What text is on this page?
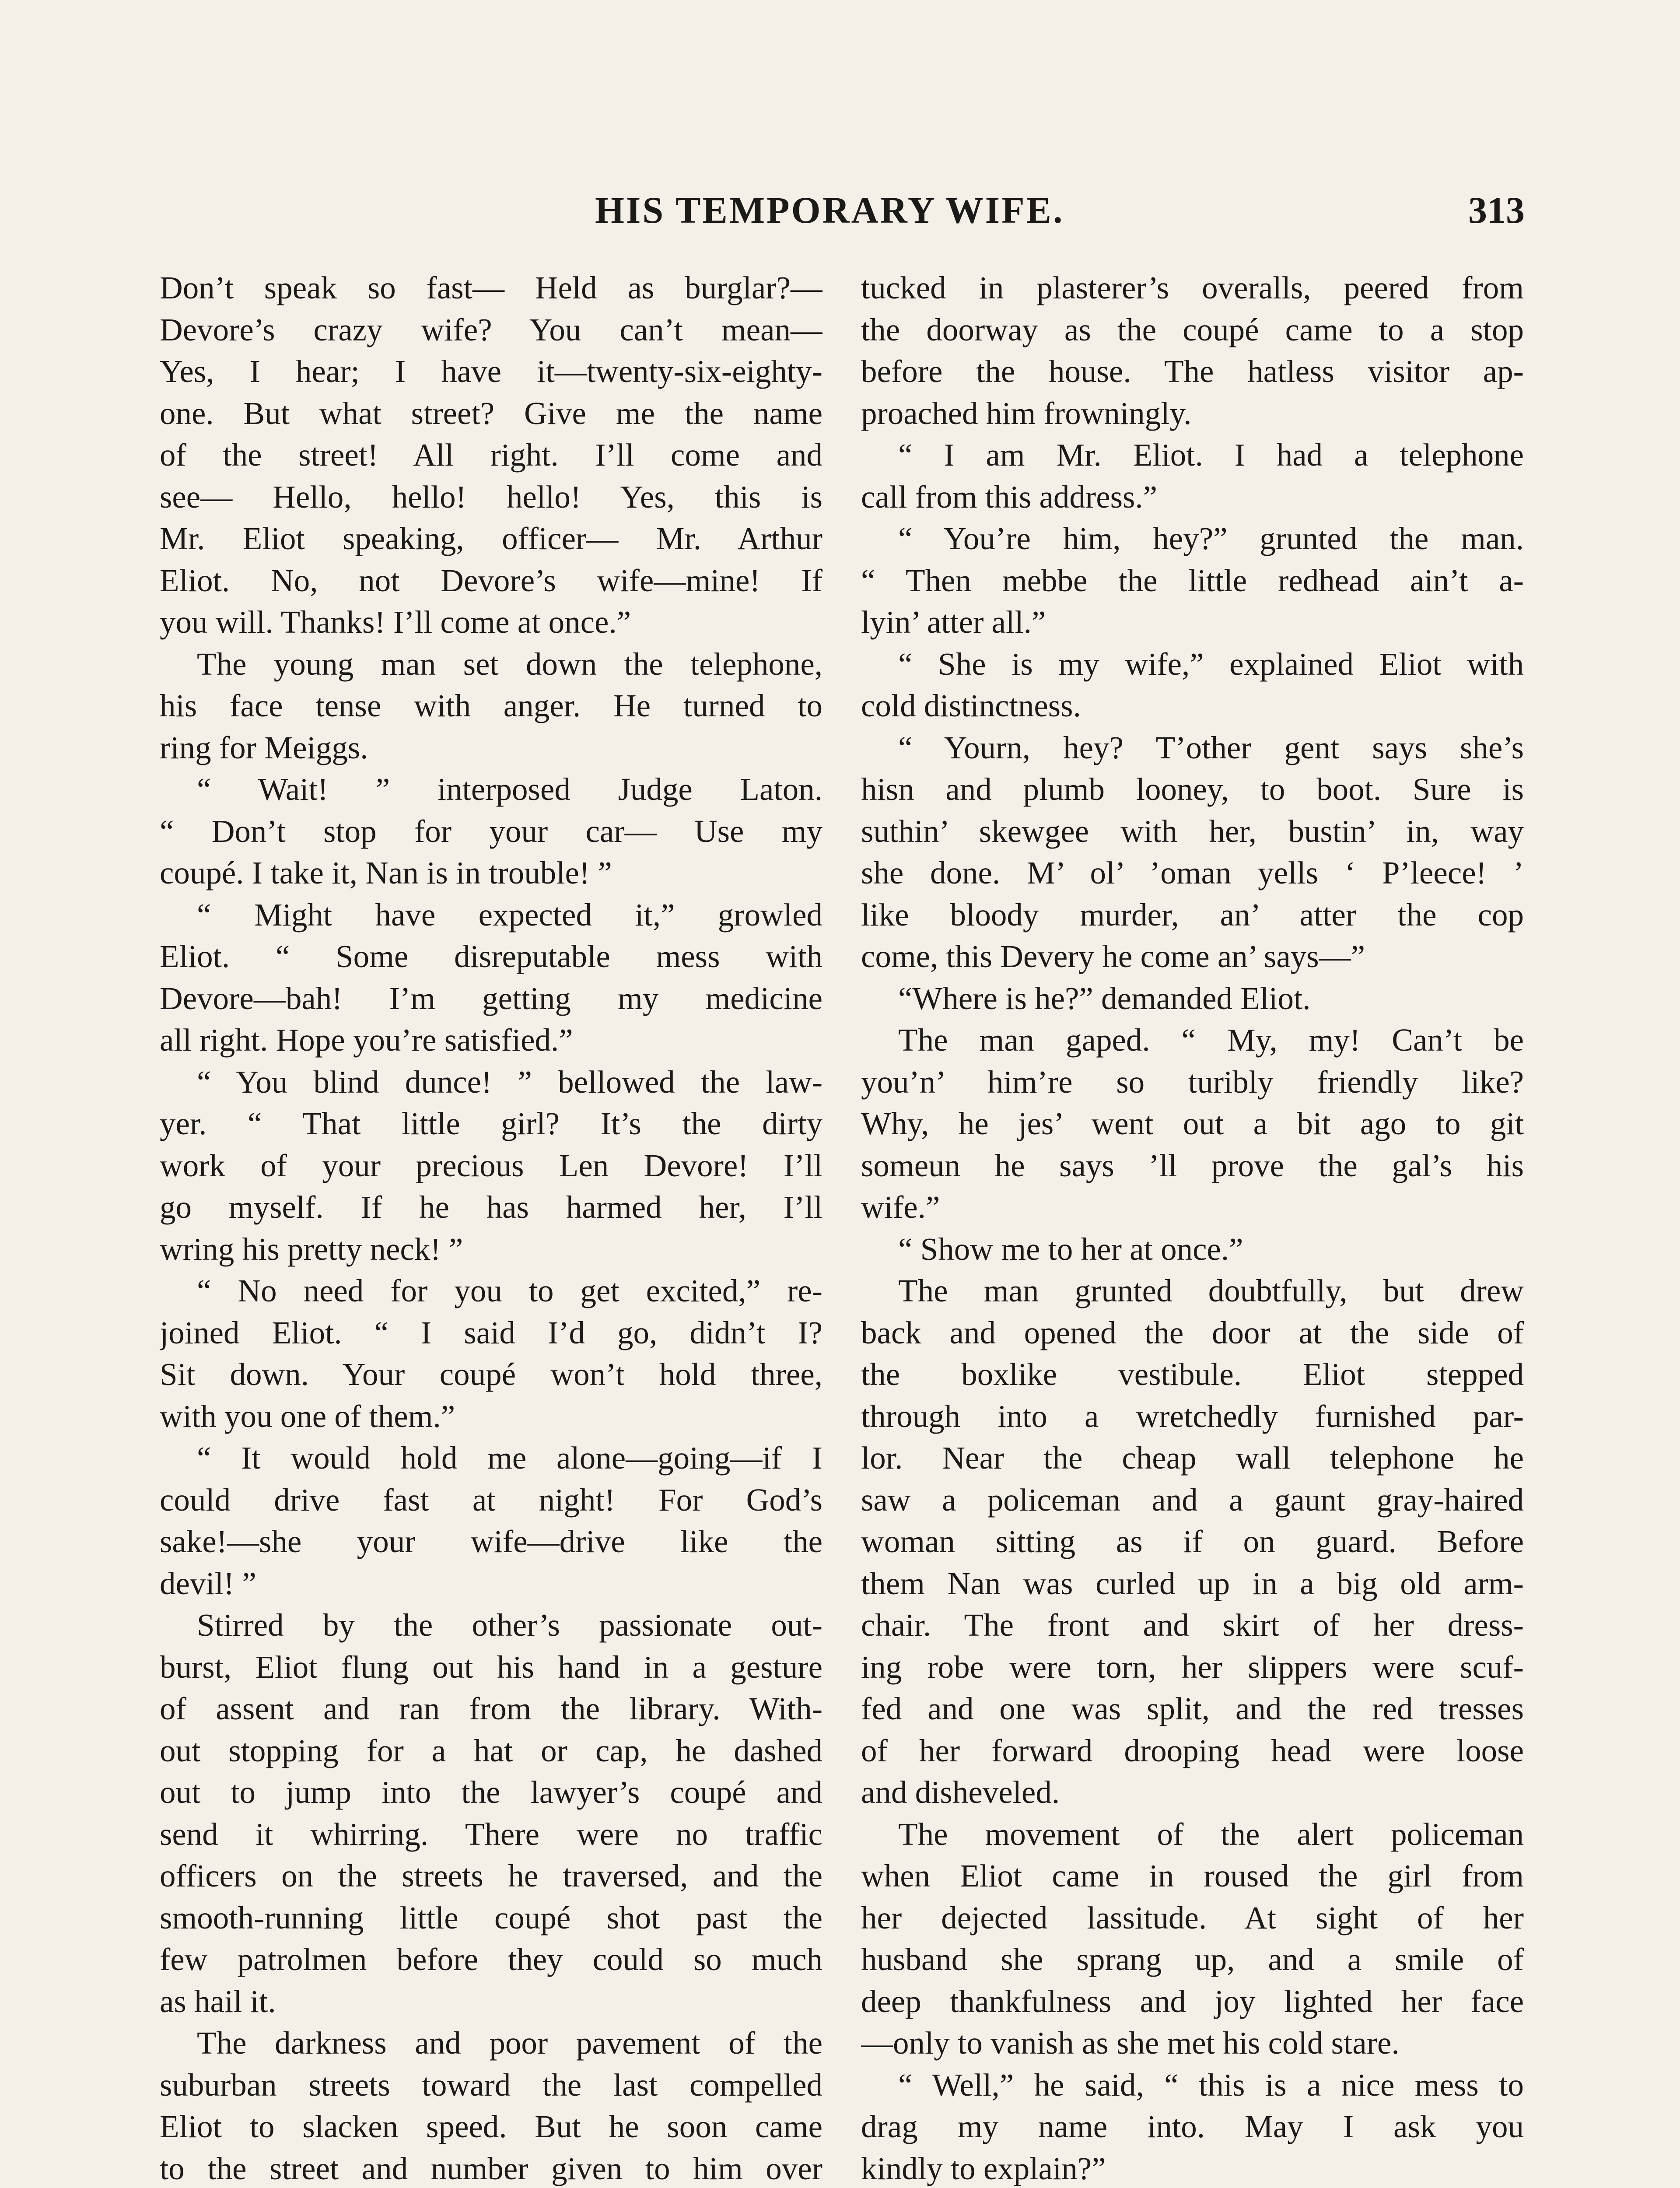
HIS TEMPORARY WIFE.	313
Don’t speak so fast— Held as burglar?—
Devore’s crazy wife? You can’t mean—
Yes, I hear; I have it—twenty-six-eighty-
one. But what street? Give me the name
of the street! All right. I’ll come and
see— Hello, hello! hello! Yes, this is
Mr. Eliot speaking, officer— Mr. Arthur
Eliot. No, not Devore’s wife—mine! If
you will. Thanks! I’ll come at once.”
The young man set down the telephone,
his face tense with anger. He turned to
ring for Meiggs.
“ Wait! ” interposed Judge Laton.
“ Don’t stop for your car— Use my
coupé. I take it, Nan is in trouble! ”
“ Might have expected it,” growled
Eliot. “ Some disreputable mess with
Devore—bah! I’m getting my medicine
all right. Hope you’re satisfied.”
“ You blind dunce! ” bellowed the law-
yer. “ That little girl? It’s the dirty
work of your precious Len Devore! I’ll
go myself. If he has harmed her, I’ll
wring his pretty neck! ”
“ No need for you to get excited,” re-
joined Eliot. “ I said I’d go, didn’t I?
Sit down. Your coupé won’t hold three,
with you one of them.”
“ It would hold me alone—going—if I
could drive fast at night! For God’s
sake!—she your wife—drive like the
devil! ”
Stirred by the other’s passionate out-
burst, Eliot flung out his hand in a gesture
of assent and ran from the library. With-
out stopping for a hat or cap, he dashed
out to jump into the lawyer’s coupé and
send it whirring. There were no traffic
officers on the streets he traversed, and the
smooth-running little coupé shot past the
few patrolmen before they could so much
as hail it.
The darkness and poor pavement of the
suburban streets toward the last compelled
Eliot to slacken speed. But he soon came
to the street and number given to him over
tucked in plasterer’s overalls, peered from
the doorway as the coupé came to a stop
before the house. The hatless visitor ap-
proached him frowningly.
“ I am Mr. Eliot. I had a telephone
call from this address.”
“ You’re him, hey?” grunted the man.
“ Then mebbe the little redhead ain’t a-
lyin’ atter all.”
“ She is my wife,” explained Eliot with
cold distinctness.
“ Yourn, hey? T’other gent says she’s
hisn and plumb looney, to boot. Sure is
suthin’ skewgee with her, bustin’ in, way
she done. M’ ol’ ’oman yells ‘ P’leece! ’
like bloody murder, an’ atter the cop
come, this Devery he come an’ says—”
“Where is he?” demanded Eliot.
The man gaped. “ My, my! Can’t be
you’n’ him’re so turibly friendly like?
Why, he jes’ went out a bit ago to git
someun he says ’ll prove the gal’s his
wife.”
“ Show me to her at once.”
The man grunted doubtfully, but drew
back and opened the door at the side of
the boxlike vestibule. Eliot stepped
through into a wretchedly furnished par-
lor. Near the cheap wall telephone he
saw a policeman and a gaunt gray-haired
woman sitting as if on guard. Before
them Nan was curled up in a big old arm-
chair. The front and skirt of her dress-
ing robe were torn, her slippers were scuf-
fed and one was split, and the red tresses
of her forward drooping head were loose
and disheveled.
The movement of the alert policeman
when Eliot came in roused the girl from
her dejected lassitude. At sight of her
husband she sprang up, and a smile of
deep thankfulness and joy lighted her face
—only to vanish as she met his cold stare.
“ Well,” he said, “ this is a nice mess to
drag my name into. May I ask you
kindly to explain?”
